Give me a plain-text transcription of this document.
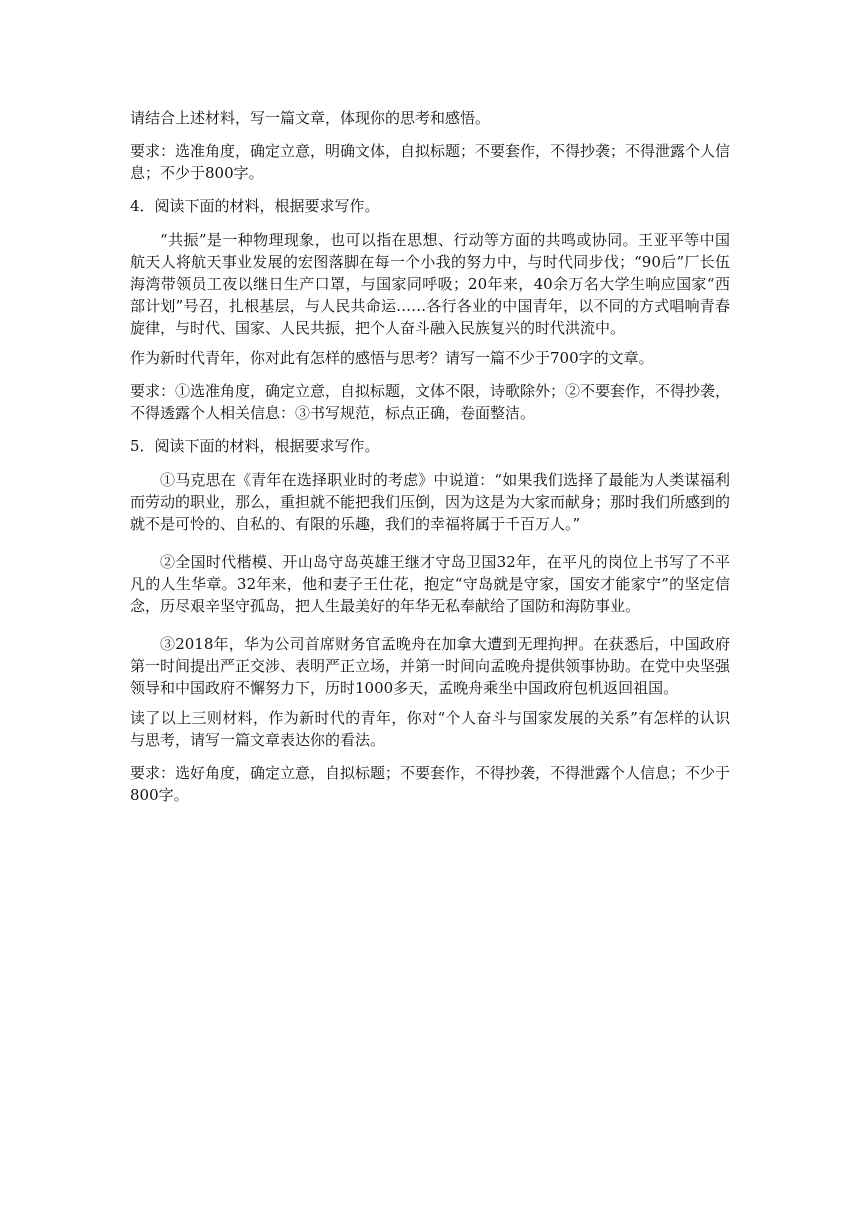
请结合上述材料，写一篇文章，体现你的思考和感悟。

要求：选准角度，确定立意，明确文体，自拟标题；不要套作，不得抄袭；不得泄露个人信息；不少于800字。

4．阅读下面的材料，根据要求写作。

“共振”是一种物理现象，也可以指在思想、行动等方面的共鸣或协同。王亚平等中国航天人将航天事业发展的宏图落脚在每一个小我的努力中，与时代同步伐；“90后”厂长伍海湾带领员工夜以继日生产口罩，与国家同呼吸；20年来，40余万名大学生响应国家“西部计划”号召，扎根基层，与人民共命运……各行各业的中国青年，以不同的方式唱响青春旋律，与时代、国家、人民共振，把个人奋斗融入民族复兴的时代洪流中。

作为新时代青年，你对此有怎样的感悟与思考？请写一篇不少于700字的文章。

要求：①选准角度，确定立意，自拟标题，文体不限，诗歌除外；②不要套作，不得抄袭，不得透露个人相关信息：③书写规范，标点正确，卷面整洁。

5．阅读下面的材料，根据要求写作。

①马克思在《青年在选择职业时的考虑》中说道：“如果我们选择了最能为人类谋福利而劳动的职业，那么，重担就不能把我们压倒，因为这是为大家而献身；那时我们所感到的就不是可怜的、自私的、有限的乐趣，我们的幸福将属于千百万人。”

②全国时代楷模、开山岛守岛英雄王继才守岛卫国32年，在平凡的岗位上书写了不平凡的人生华章。32年来，他和妻子王仕花，抱定“守岛就是守家，国安才能家宁”的坚定信念，历尽艰辛坚守孤岛，把人生最美好的年华无私奉献给了国防和海防事业。

③2018年，华为公司首席财务官孟晚舟在加拿大遭到无理拘押。在获悉后，中国政府第一时间提出严正交涉、表明严正立场，并第一时间向孟晚舟提供领事协助。在党中央坚强领导和中国政府不懈努力下，历时1000多天，孟晚舟乘坐中国政府包机返回祖国。

读了以上三则材料，作为新时代的青年，你对“个人奋斗与国家发展的关系”有怎样的认识与思考，请写一篇文章表达你的看法。

要求：选好角度，确定立意，自拟标题；不要套作，不得抄袭，不得泄露个人信息；不少于800字。
